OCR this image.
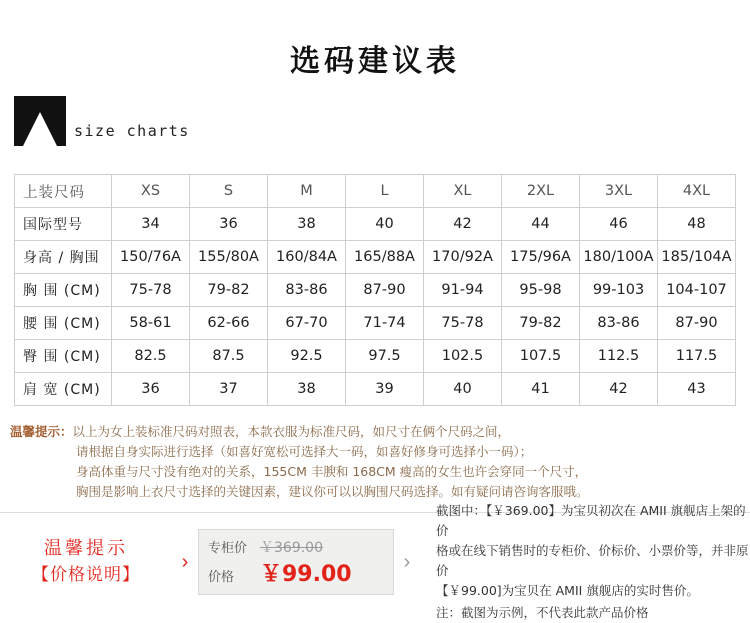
选码建议表
size charts
上装尺码	XS	S	M	L	XL	2XL	3XL	4XL
国际型号	34	36	38	40	42	44	46	48
身高 / 胸围	150/76A	155/80A	160/84A	165/88A	170/92A	175/96A	180/100A	185/104A
胸 围 (CM)	75-78	79-82	83-86	87-90	91-94	95-98	99-103	104-107
腰 围 (CM)	58-61	62-66	67-70	71-74	75-78	79-82	83-86	87-90
臀 围 (CM)	82.5	87.5	92.5	97.5	102.5	107.5	112.5	117.5
肩 宽 (CM)	36	37	38	39	40	41	42	43
温馨提示：以上为女上装标准尺码对照表，本款衣服为标准尺码，如尺寸在俩个尺码之间，
请根据自身实际进行选择（如喜好宽松可选择大一码，如喜好修身可选择小一码）；
身高体重与尺寸没有绝对的关系，155CM 丰腴和 168CM 瘦高的女生也许会穿同一个尺寸，
胸围是影响上衣尺寸选择的关键因素，建议你可以以胸围尺码选择。如有疑问请咨询客服哦。
温馨提示
【价格说明】
›
专柜价 ￥369.00
价格	￥99.00
›
截图中：【￥369.00】为宝贝初次在 AMII 旗舰店上架的价
格或在线下销售时的专柜价、价标价、小票价等，并非原价
【￥99.00]为宝贝在 AMII 旗舰店的实时售价。
注：截图为示例，不代表此款产品价格
